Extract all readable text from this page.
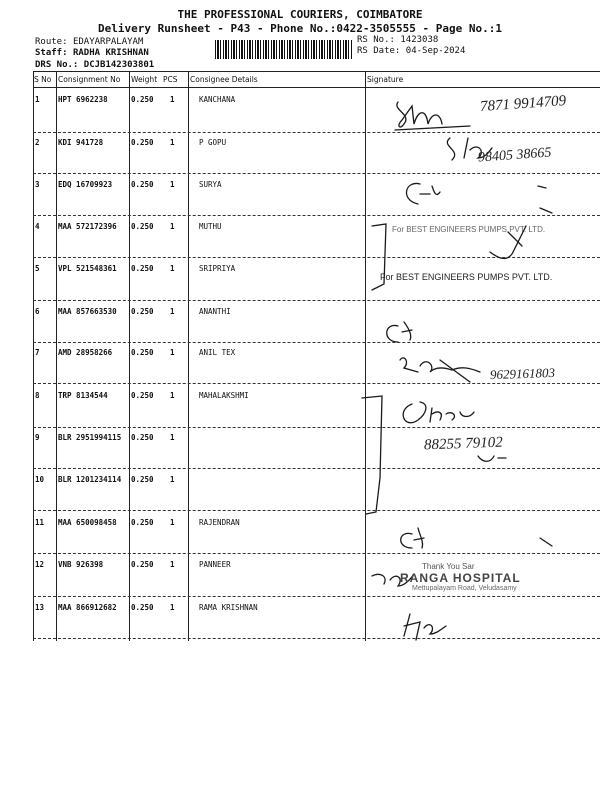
THE PROFESSIONAL COURIERS, COIMBATORE
Delivery Runsheet - P43 - Phone No.:0422-3505555 - Page No.:1
Route: EDAYARPALAYAM
Staff: RADHA KRISHNAN
DRS No.: DCJB142303801
RS No.: 1423038
RS Date: 04-Sep-2024
S No Consignment No Weight PCS Consignee Details	Signature
1 HPT 6962238	0.250 1	KANCHANA
2 KDI 941728	0.250 1	P GOPU
3 EDQ 16709923	0.250 1	SURYA
4 MAA 572172396 0.250 1	MUTHU
5 VPL 521548361 0.250 1	SRIPRIYA
6 MAA 857663530 0.250 1	ANANTHI
7 AMD 28958266	0.250 1	ANIL TEX
8 TRP 8134544	0.250 1	MAHALAKSHMI
9 BLR 2951994115 0.250 1
10 BLR 1201234114 0.250 1
11 MAA 650098458 0.250 1	RAJENDRAN
12 VNB 926398	0.250 1	PANNEER
13 MAA 866912682 0.250 1	RAMA KRISHNAN
7871 9914709
98405 38665
9629161803
88255 79102
For BEST ENGINEERS PUMPS PVT. LTD.
For BEST ENGINEERS PUMPS PVT. LTD.
Thank You Sar
RANGA HOSPITAL
Mettupalayam Road, Veludasamy
